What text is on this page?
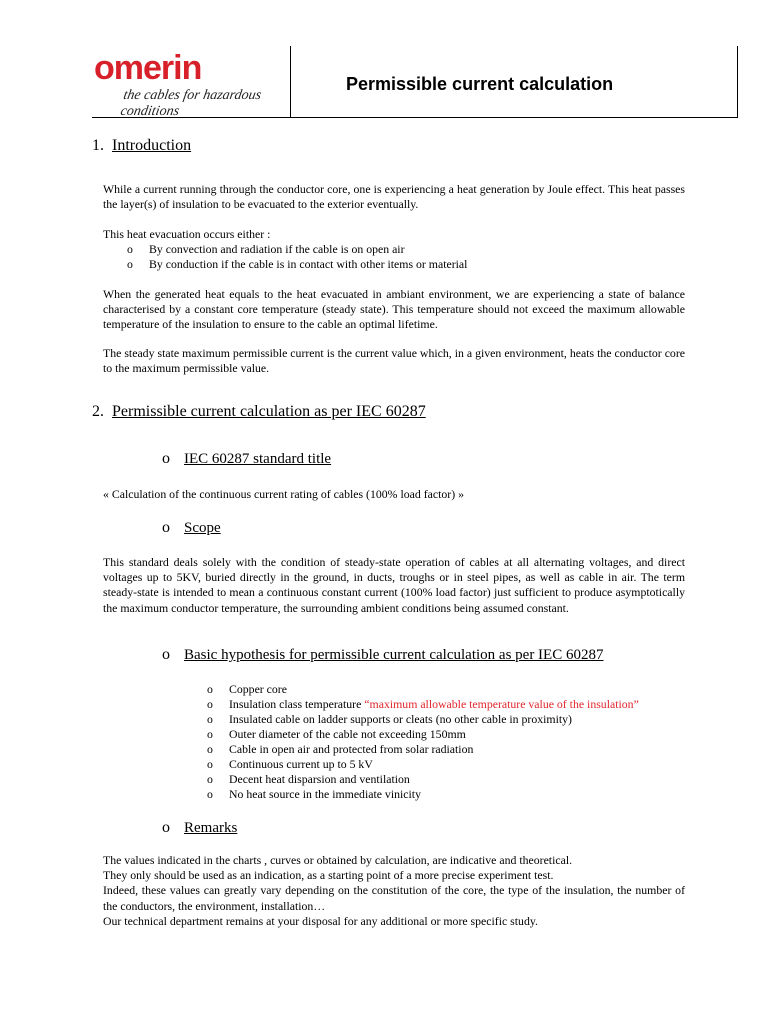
omerin
the cables for hazardous conditions
Permissible current calculation
1. Introduction

While a current running through the conductor core, one is experiencing a heat generation by Joule effect. This heat passes the layer(s) of insulation to be evacuated to the exterior eventually.

This heat evacuation occurs either :

o By convection and radiation if the cable is on open air
o By conduction if the cable is in contact with other items or material

When the generated heat equals to the heat evacuated in ambiant environment, we are experiencing a state of balance characterised by a constant core temperature (steady state). This temperature should not exceed the maximum allowable temperature of the insulation to ensure to the cable an optimal lifetime.

The steady state maximum permissible current is the current value which, in a given environment, heats the conductor core to the maximum permissible value.

2. Permissible current calculation as per IEC 60287
o IEC 60287 standard title

« Calculation of the continuous current rating of cables (100% load factor) »

o Scope

This standard deals solely with the condition of steady-state operation of cables at all alternating voltages, and direct voltages up to 5KV, buried directly in the ground, in ducts, troughs or in steel pipes, as well as cable in air. The term steady-state is intended to mean a continuous constant current (100% load factor) just sufficient to produce asymptotically the maximum conductor temperature, the surrounding ambient conditions being assumed constant.

o Basic hypothesis for permissible current calculation as per IEC 60287
o Copper core
o Insulation class temperature “maximum allowable temperature value of the insulation”
o Insulated cable on ladder supports or cleats (no other cable in proximity)
o Outer diameter of the cable not exceeding 150mm
o Cable in open air and protected from solar radiation
o Continuous current up to 5 kV
o Decent heat disparsion and ventilation
o No heat source in the immediate vinicity
o Remarks

The values indicated in the charts , curves or obtained by calculation, are indicative and theoretical.

They only should be used as an indication, as a starting point of a more precise experiment test.

Indeed, these values can greatly vary depending on the constitution of the core, the type of the insulation, the number of the conductors, the environment, installation…

Our technical department remains at your disposal for any additional or more specific study.
